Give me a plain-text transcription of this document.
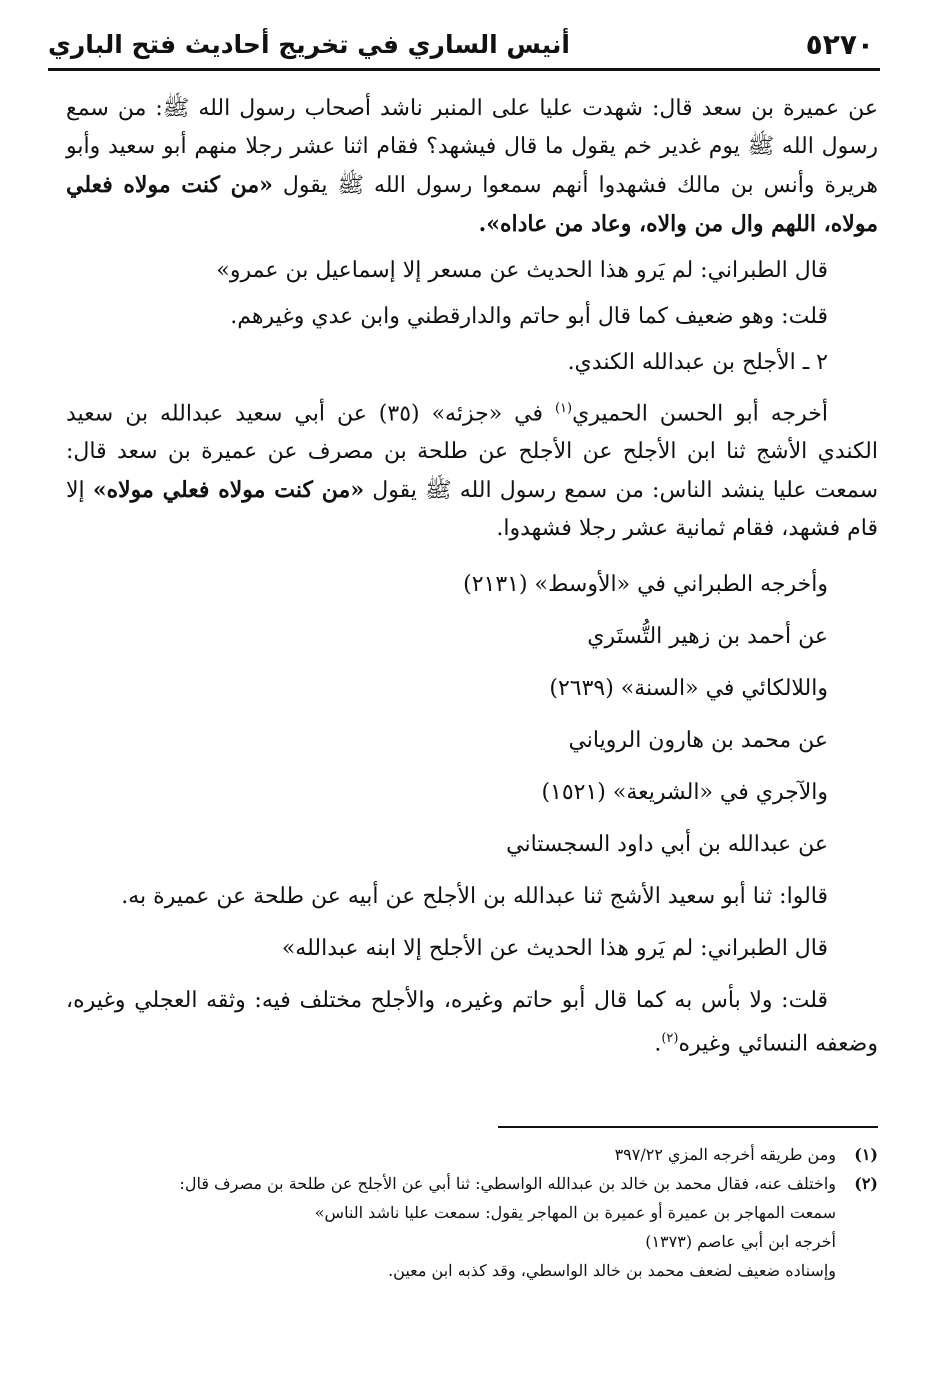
أنيس الساري في تخريج أحاديث فتح الباري	٥٢٧٠

عن عميرة بن سعد قال: شهدت عليا على المنبر ناشد أصحاب رسول الله ﷺ: من سمع رسول الله ﷺ يوم غدير خم يقول ما قال فيشهد؟ فقام اثنا عشر رجلا منهم أبو سعيد وأبو هريرة وأنس بن مالك فشهدوا أنهم سمعوا رسول الله ﷺ يقول «من كنت مولاه فعلي مولاه، اللهم وال من والاه، وعاد من عاداه».

قال الطبراني: لم يَرو هذا الحديث عن مسعر إلا إسماعيل بن عمرو»

قلت: وهو ضعيف كما قال أبو حاتم والدارقطني وابن عدي وغيرهم.

٢ ـ الأجلح بن عبدالله الكندي.

أخرجه أبو الحسن الحميري$^{(١)}$ في «جزئه» (٣٥) عن أبي سعيد عبدالله بن سعيد الكندي الأشج ثنا ابن الأجلح عن الأجلح عن طلحة بن مصرف عن عميرة بن سعد قال: سمعت عليا ينشد الناس: من سمع رسول الله ﷺ يقول «من كنت مولاه فعلي مولاه» إلا قام فشهد، فقام ثمانية عشر رجلا فشهدوا.

وأخرجه الطبراني في «الأوسط» (٢١٣١)

عن أحمد بن زهير التُّستَري

واللالكائي في «السنة» (٢٦٣٩)

عن محمد بن هارون الروياني

والآجري في «الشريعة» (١٥٢١)

عن عبدالله بن أبي داود السجستاني

قالوا: ثنا أبو سعيد الأشج ثنا عبدالله بن الأجلح عن أبيه عن طلحة عن عميرة به.

قال الطبراني: لم يَرو هذا الحديث عن الأجلح إلا ابنه عبدالله»

قلت: ولا بأس به كما قال أبو حاتم وغيره، والأجلح مختلف فيه: وثقه العجلي وغيره، وضعفه النسائي وغيره$^{(٢)}$.

(١)ومن طريقه أخرجه المزي ٣٩٧/٢٢

(٢)واختلف عنه، فقال محمد بن خالد بن عبدالله الواسطي: ثنا أبي عن الأجلح عن طلحة بن مصرف قال:

سمعت المهاجر بن عميرة أو عميرة بن المهاجر يقول: سمعت عليا ناشد الناس»

أخرجه ابن أبي عاصم (١٣٧٣)

وإسناده ضعيف لضعف محمد بن خالد الواسطي، وقد كذبه ابن معين.
